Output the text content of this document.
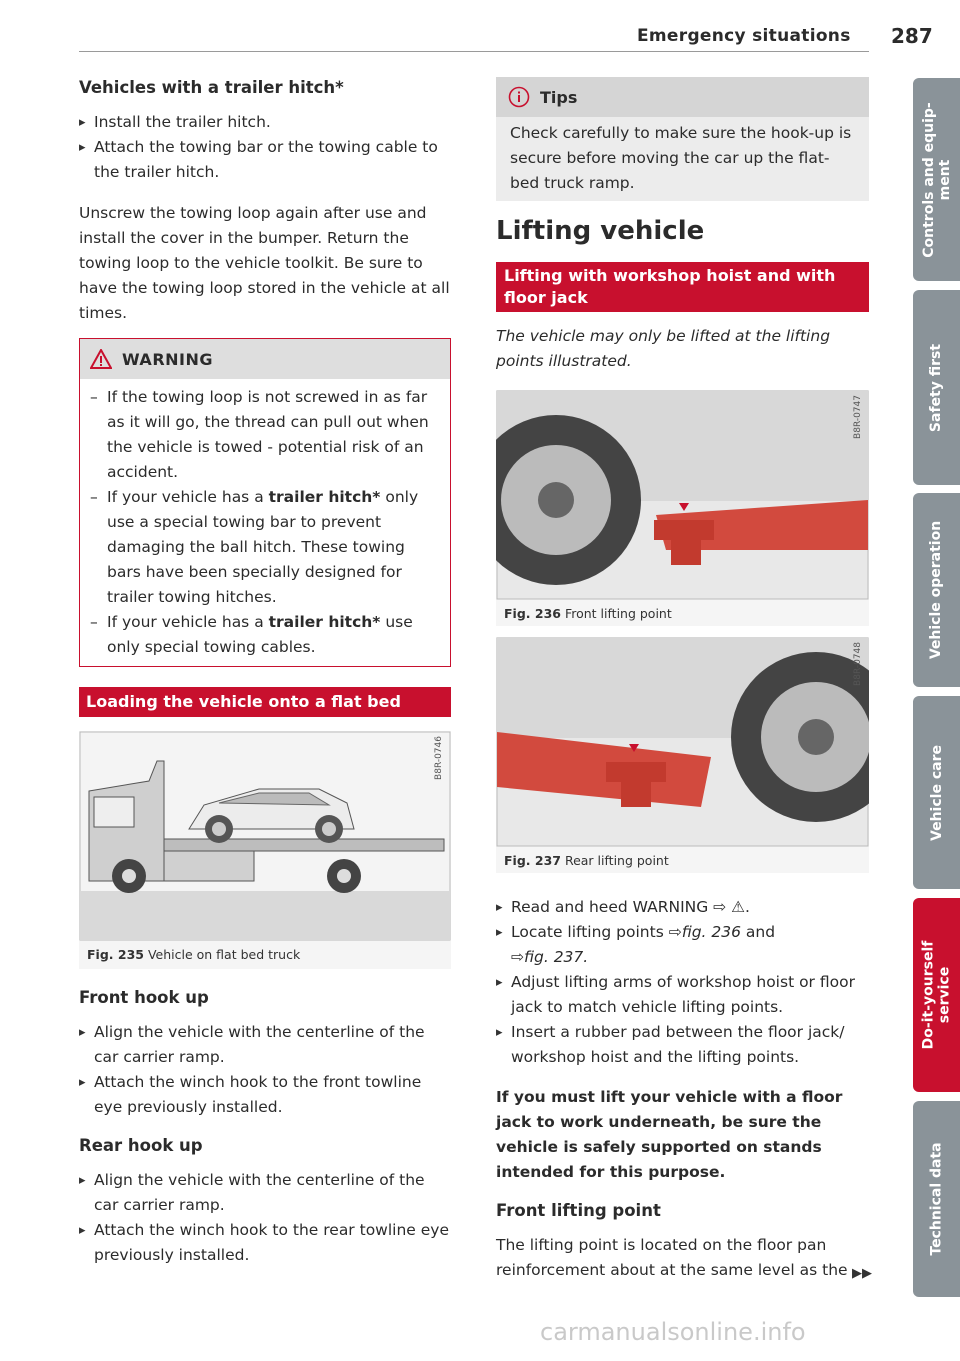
Emergency situations 287
Vehicles with a trailer hitch*

▸ Install the trailer hitch.

▸ Attach the towing bar or the towing cable to the trailer hitch.

Unscrew the towing loop again after use and install the cover in the bumper. Return the towing loop to the vehicle toolkit. Be sure to have the towing loop stored in the vehicle at all times.

WARNING

– If the towing loop is not screwed in as far as it will go, the thread can pull out when the vehicle is towed - potential risk of an accident.

– If your vehicle has a trailer hitch* only use a special towing bar to prevent damaging the ball hitch. These towing bars have been specially designed for trailer towing hitches.

– If your vehicle has a trailer hitch* use only special towing cables.

Loading the vehicle onto a flat bed
B8R-0746
Fig. 235 Vehicle on flat bed truck
Front hook up

▸ Align the vehicle with the centerline of the car carrier ramp.

▸ Attach the winch hook to the front towline eye previously installed.

Rear hook up

▸ Align the vehicle with the centerline of the car carrier ramp.

▸ Attach the winch hook to the rear towline eye previously installed.

Tips

Check carefully to make sure the hook-up is secure before moving the car up the flat-bed truck ramp.

Lifting vehicle
Lifting with workshop hoist and with floor jack

The vehicle may only be lifted at the lifting points illustrated.

B8R-0747
Fig. 236 Front lifting point
B8R-0748
Fig. 237 Rear lifting point

▸ Read and heed WARNING ⇨ ⚠.

▸ Locate lifting points ⇨fig. 236 and
⇨fig. 237.

▸ Adjust lifting arms of workshop hoist or floor jack to match vehicle lifting points.

▸ Insert a rubber pad between the floor jack/ workshop hoist and the lifting points.

If you must lift your vehicle with a floor jack to work underneath, be sure the vehicle is safely supported on stands intended for this purpose.

Front lifting point

The lifting point is located on the floor pan reinforcement about at the same level as the ▶▶
Controls and equip-
ment
Safety first
Vehicle operation
Vehicle care
Do-it-yourself
service
Technical data
carmanualsonline.info
